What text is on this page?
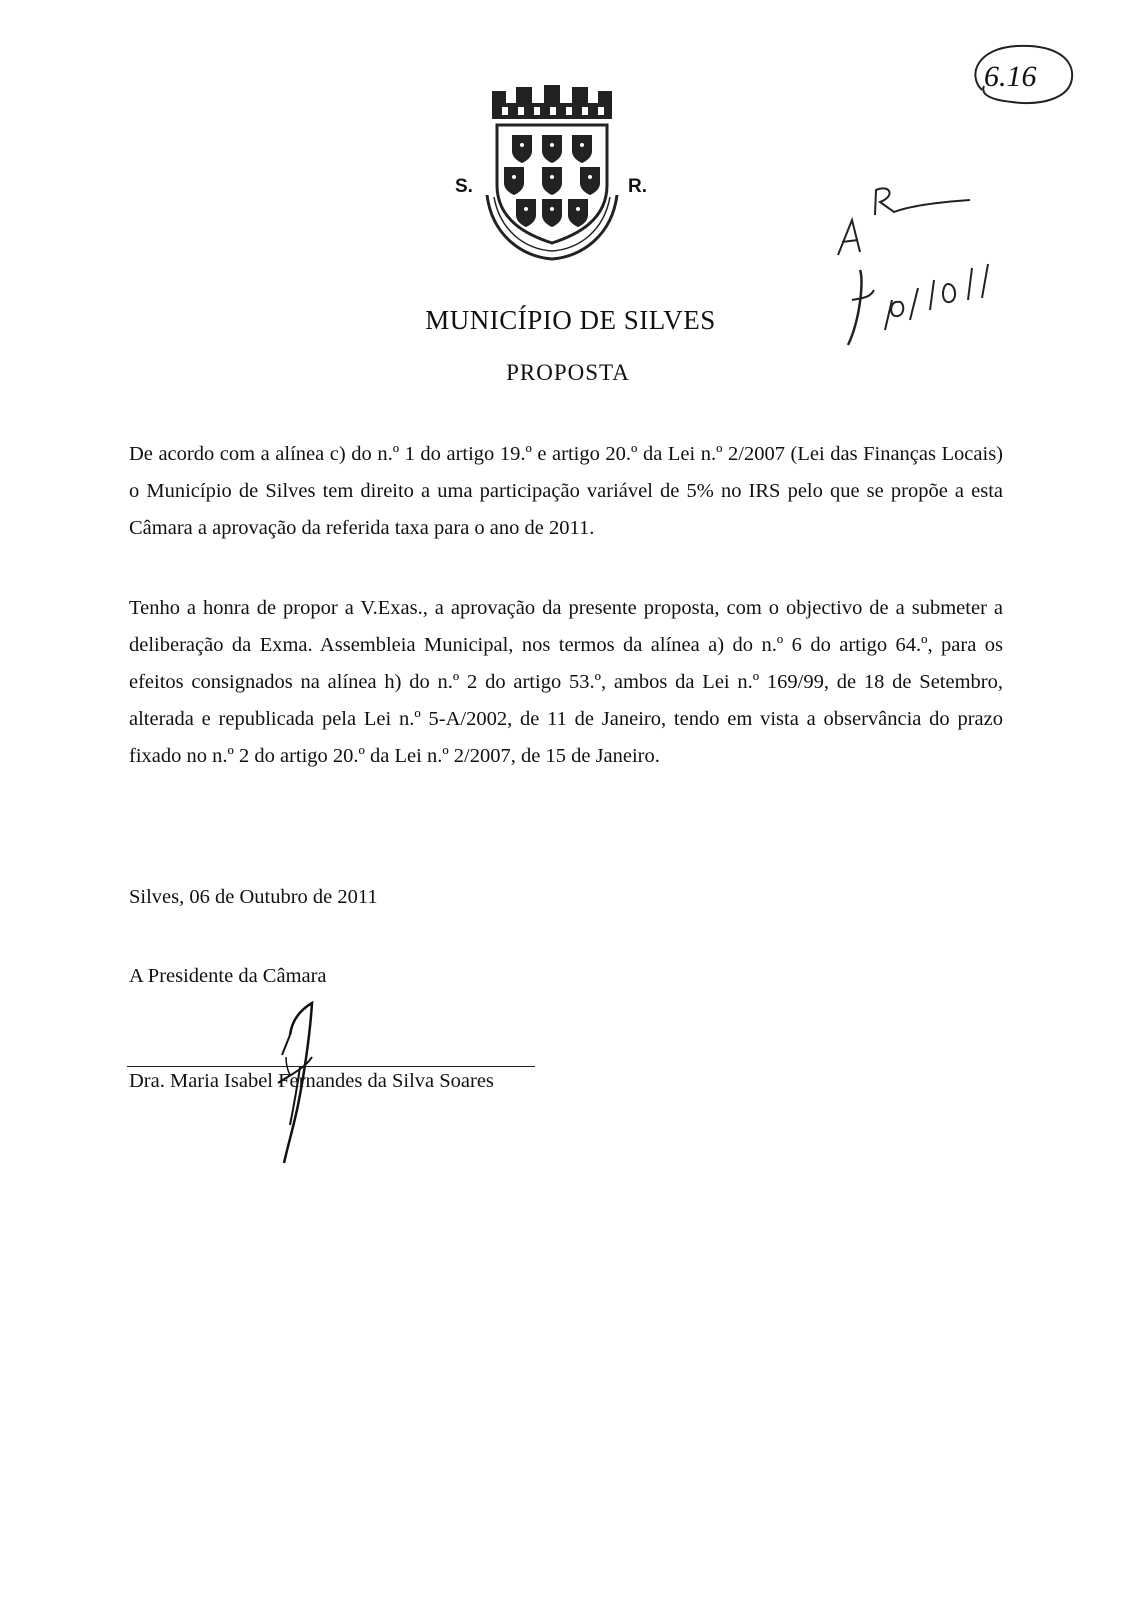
6.16
S.	R.
MUNICÍPIO DE SILVES
PROPOSTA

De acordo com a alínea c) do n.º 1 do artigo 19.º e artigo 20.º da Lei n.º 2/2007 (Lei das Finanças Locais) o Município de Silves tem direito a uma participação variável de 5% no IRS pelo que se propõe a esta Câmara a aprovação da referida taxa para o ano de 2011.

Tenho a honra de propor a V.Exas., a aprovação da presente proposta, com o objectivo de a submeter a deliberação da Exma. Assembleia Municipal, nos termos da alínea a) do n.º 6 do artigo 64.º, para os efeitos consignados na alínea h) do n.º 2 do artigo 53.º, ambos da Lei n.º 169/99, de 18 de Setembro, alterada e republicada pela Lei n.º 5-A/2002, de 11 de Janeiro, tendo em vista a observância do prazo fixado no n.º 2 do artigo 20.º da Lei n.º 2/2007, de 15 de Janeiro.

Silves, 06 de Outubro de 2011
A Presidente da Câmara
Dra. Maria Isabel Fernandes da Silva Soares
